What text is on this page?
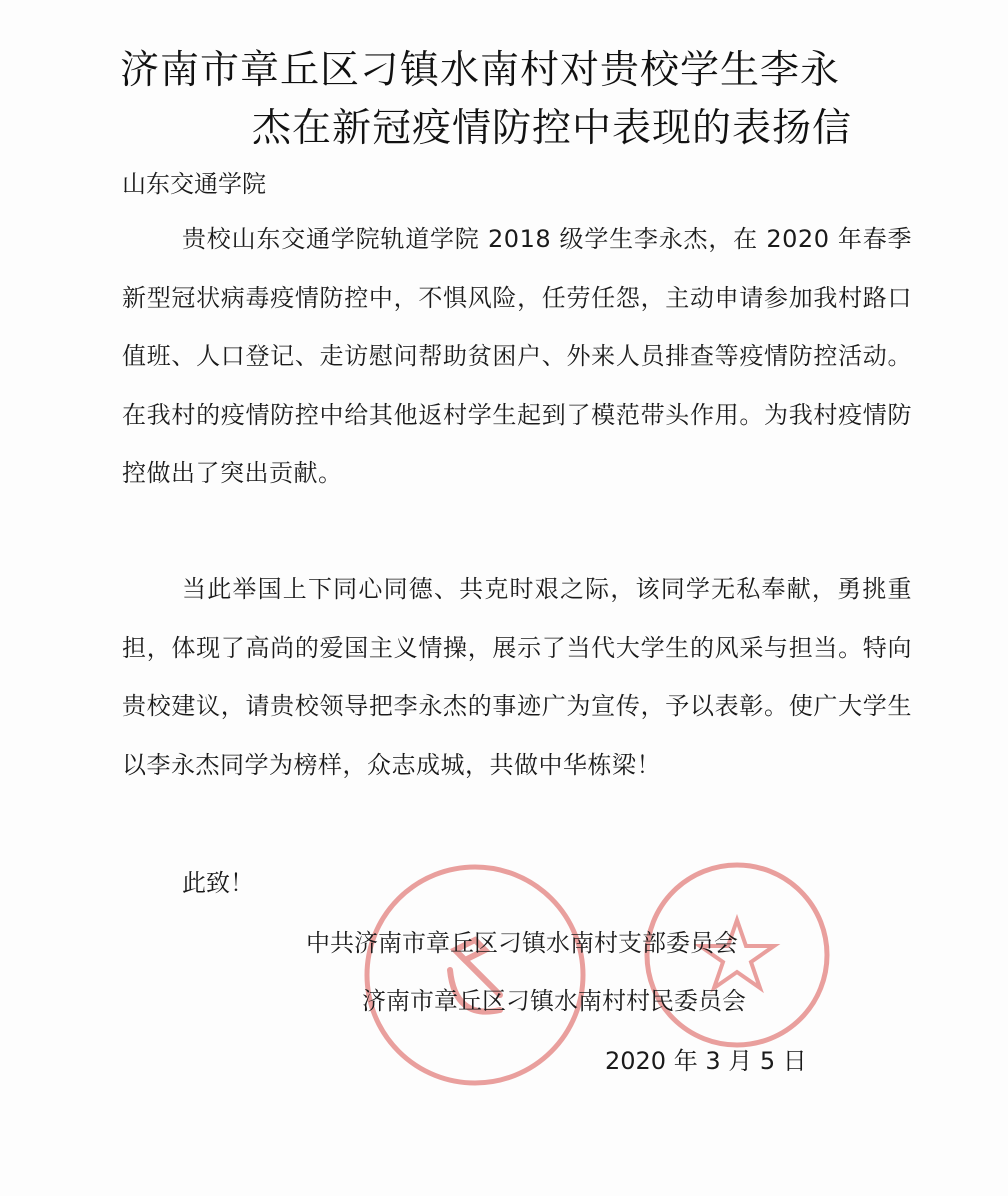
济南市章丘区刁镇水南村对贵校学生李永
杰在新冠疫情防控中表现的表扬信
山东交通学院
贵校山东交通学院轨道学院 2018 级学生李永杰，在 2020 年春季新型冠状病毒疫情防控中，不惧风险，任劳任怨，主动申请参加我村路口值班、人口登记、走访慰问帮助贫困户、外来人员排查等疫情防控活动。在我村的疫情防控中给其他返村学生起到了模范带头作用。为我村疫情防控做出了突出贡献。
当此举国上下同心同德、共克时艰之际，该同学无私奉献，勇挑重担，体现了高尚的爱国主义情操，展示了当代大学生的风采与担当。特向贵校建议，请贵校领导把李永杰的事迹广为宣传，予以表彰。使广大学生以李永杰同学为榜样，众志成城，共做中华栋梁！
此致！
中共济南市章丘区刁镇水南村支部委员会
济南市章丘区刁镇水南村村民委员会
2020 年 3 月 5 日
